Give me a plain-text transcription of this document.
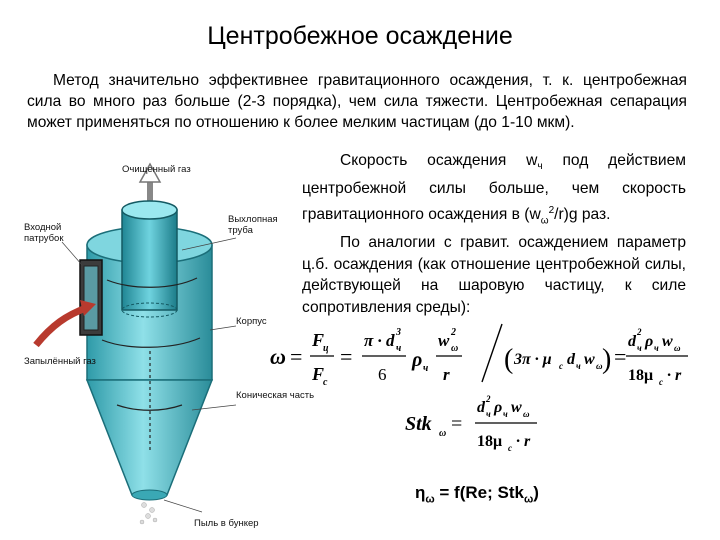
Центробежное осаждение
Метод значительно эффективнее гравитационного осаждения, т. к. центробежная сила во много раз больше (2-3 порядка), чем сила тяжести. Центробежная сепарация может применяться по отношению к более мелким частицам (до 1-10 мкм).

Скорость осаждения $w_ч$ под действием центробежной силы больше, чем скорость гравитационного осаждения в $(w_\omega^2/r)g$ раз.

По аналогии с гравит. осаждением параметр ц.б. осаждения (как отношение центробежной силы, действующей на шаровую частицу, к силе сопротивления среды):

Очищенный газ
Входной патрубок
Выхлопная труба
Корпус
Запылённый газ
Коническая часть
Пыль в бункер
ω =
F
ц
F
с
=
π · d 3
ч
6
ρ ч
w 2
ω
r ( 3π · μ с d ч w ω ) =
d
2
ч ρ ч w ω
18μ с · r
Stk ω =
d 2
ч ρ ч w ω
18μ с · r
$\eta_\omega = f(Re$; Stk$_\omega$)
